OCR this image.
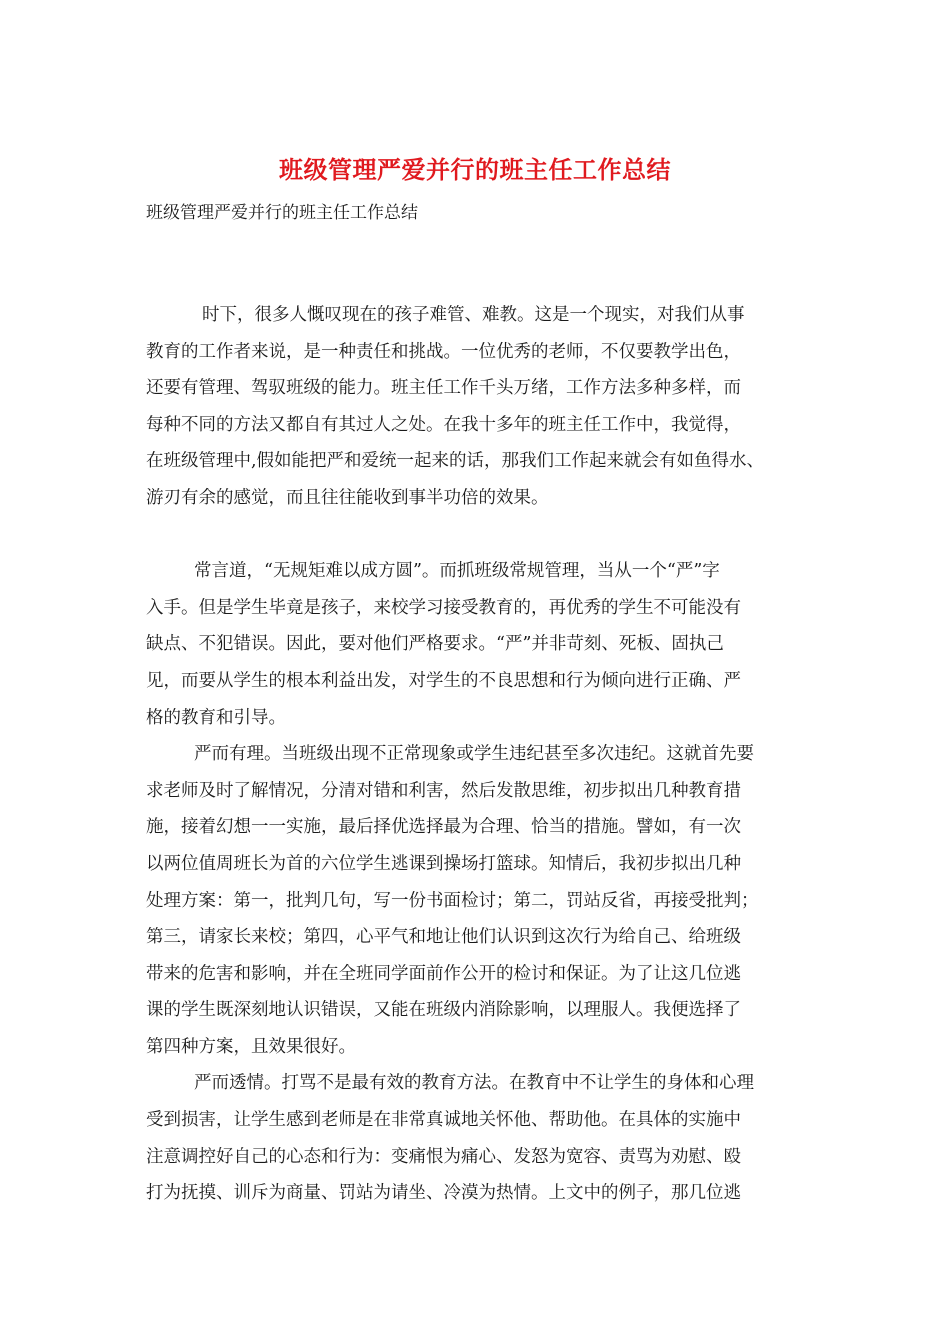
班级管理严爱并行的班主任工作总结

班级管理严爱并行的班主任工作总结

时下，很多人慨叹现在的孩子难管、难教。这是一个现实，对我们从事
教育的工作者来说，是一种责任和挑战。一位优秀的老师，不仅要教学出色，
还要有管理、驾驭班级的能力。班主任工作千头万绪，工作方法多种多样，而
每种不同的方法又都自有其过人之处。在我十多年的班主任工作中，我觉得，
在班级管理中,假如能把严和爱统一起来的话，那我们工作起来就会有如鱼得水、
游刃有余的感觉，而且往往能收到事半功倍的效果。
常言道，“无规矩难以成方圆”。而抓班级常规管理，当从一个“严”字
入手。但是学生毕竟是孩子，来校学习接受教育的，再优秀的学生不可能没有
缺点、不犯错误。因此，要对他们严格要求。“严”并非苛刻、死板、固执己
见，而要从学生的根本利益出发，对学生的不良思想和行为倾向进行正确、严
格的教育和引导。
严而有理。当班级出现不正常现象或学生违纪甚至多次违纪。这就首先要
求老师及时了解情况，分清对错和利害，然后发散思维，初步拟出几种教育措
施，接着幻想一一实施，最后择优选择最为合理、恰当的措施。譬如，有一次
以两位值周班长为首的六位学生逃课到操场打篮球。知情后，我初步拟出几种
处理方案：第一，批判几句，写一份书面检讨；第二，罚站反省，再接受批判；
第三，请家长来校；第四，心平气和地让他们认识到这次行为给自己、给班级
带来的危害和影响，并在全班同学面前作公开的检讨和保证。为了让这几位逃
课的学生既深刻地认识错误，又能在班级内消除影响，以理服人。我便选择了
第四种方案，且效果很好。
严而透情。打骂不是最有效的教育方法。在教育中不让学生的身体和心理
受到损害，让学生感到老师是在非常真诚地关怀他、帮助他。在具体的实施中
注意调控好自己的心态和行为：变痛恨为痛心、发怒为宽容、责骂为劝慰、殴
打为抚摸、训斥为商量、罚站为请坐、冷漠为热情。上文中的例子，那几位逃
